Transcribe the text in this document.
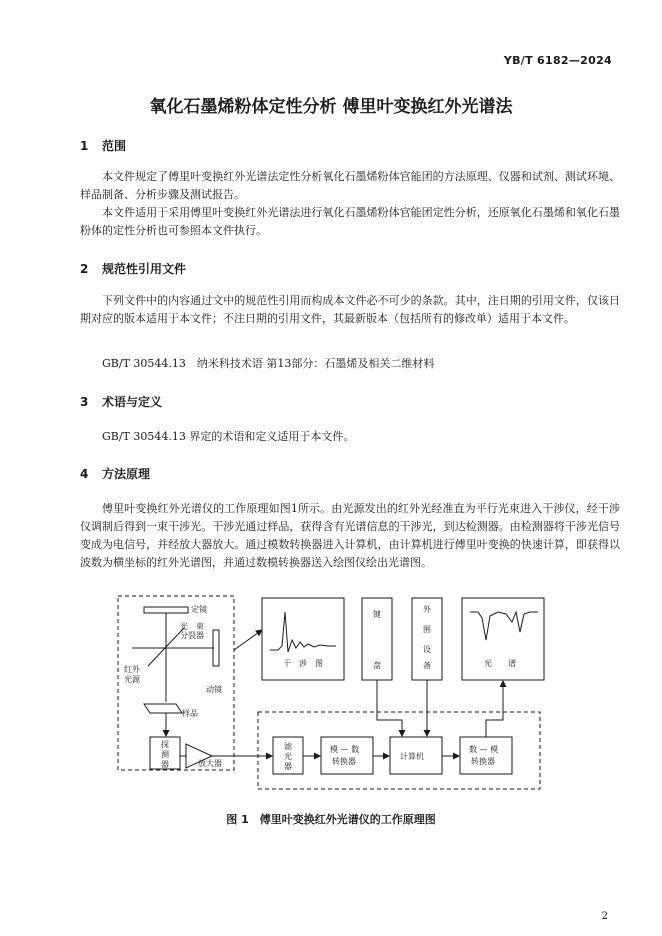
YB/T 6182—2024
氧化石墨烯粉体定性分析 傅里叶变换红外光谱法
1 范围
本文件规定了傅里叶变换红外光谱法定性分析氧化石墨烯粉体官能团的方法原理、仪器和试剂、测试环境、样品制备、分析步骤及测试报告。
本文件适用于采用傅里叶变换红外光谱法进行氧化石墨烯粉体官能团定性分析，还原氧化石墨烯和氧化石墨粉体的定性分析也可参照本文件执行。
2 规范性引用文件
下列文件中的内容通过文中的规范性引用而构成本文件必不可少的条款。其中，注日期的引用文件，仅该日期对应的版本适用于本文件；不注日期的引用文件，其最新版本（包括所有的修改单）适用于本文件。
GB/T 30544.13　纳米科技术语 第13部分：石墨烯及相关二维材料
3 术语与定义
GB/T 30544.13 界定的术语和定义适用于本文件。
4 方法原理
傅里叶变换红外光谱仪的工作原理如图1所示。由光源发出的红外光经准直为平行光束进入干涉仪，经干涉仪调制后得到一束干涉光。干涉光通过样品，获得含有光谱信息的干涉光，到达检测器。由检测器将干涉光信号变成为电信号，并经放大器放大。通过模数转换器进入计算机，由计算机进行傅里叶变换的快速计算，即获得以波数为横坐标的红外光谱图，并通过数模转换器送入绘图仪绘出光谱图。
定镜
光　束
分裂器
红外
光源
动镜
样品
探
测
器	放大器
干　涉　图
键
盘
外
围
设
备	光　　谱
滤
光
器
模 — 数
转换器
计算机
数 — 模
转换器
图 1　傅里叶变换红外光谱仪的工作原理图
2
